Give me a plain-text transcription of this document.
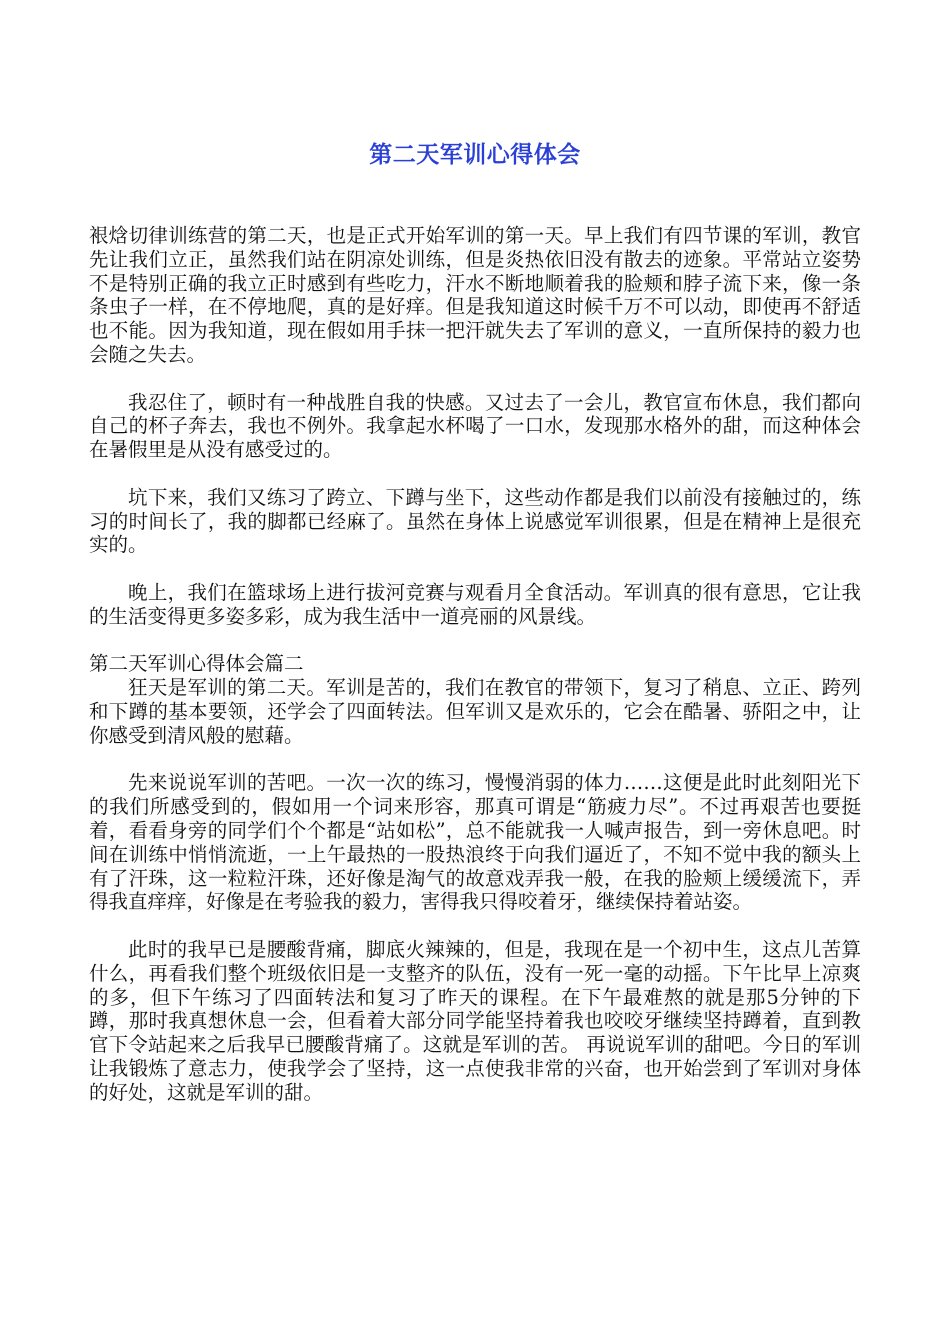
第二天军训心得体会

裉焓切律训练营的第二天，也是正式开始军训的第一天。早上我们有四节课的军训，教官先让我们立正，虽然我们站在阴凉处训练，但是炎热依旧没有散去的迹象。平常站立姿势不是特别正确的我立正时感到有些吃力，汗水不断地顺着我的脸颊和脖子流下来，像一条条虫子一样，在不停地爬，真的是好痒。但是我知道这时候千万不可以动，即使再不舒适也不能。因为我知道，现在假如用手抹一把汗就失去了军训的意义，一直所保持的毅力也会随之失去。

我忍住了，顿时有一种战胜自我的快感。又过去了一会儿，教官宣布休息，我们都向自己的杯子奔去，我也不例外。我拿起水杯喝了一口水，发现那水格外的甜，而这种体会在暑假里是从没有感受过的。

坑下来，我们又练习了跨立、下蹲与坐下，这些动作都是我们以前没有接触过的，练习的时间长了，我的脚都已经麻了。虽然在身体上说感觉军训很累，但是在精神上是很充实的。

晚上，我们在篮球场上进行拔河竞赛与观看月全食活动。军训真的很有意思，它让我的生活变得更多姿多彩，成为我生活中一道亮丽的风景线。

第二天军训心得体会篇二

狂天是军训的第二天。军训是苦的，我们在教官的带领下，复习了稍息、立正、跨列和下蹲的基本要领，还学会了四面转法。但军训又是欢乐的，它会在酷暑、骄阳之中，让你感受到清风般的慰藉。

先来说说军训的苦吧。一次一次的练习，慢慢消弱的体力……这便是此时此刻阳光下的我们所感受到的，假如用一个词来形容，那真可谓是“筋疲力尽”。不过再艰苦也要挺着，看看身旁的同学们个个都是“站如松”，总不能就我一人喊声报告，到一旁休息吧。时间在训练中悄悄流逝，一上午最热的一股热浪终于向我们逼近了，不知不觉中我的额头上有了汗珠，这一粒粒汗珠，还好像是淘气的故意戏弄我一般，在我的脸颊上缓缓流下，弄得我直痒痒，好像是在考验我的毅力，害得我只得咬着牙，继续保持着站姿。

此时的我早已是腰酸背痛，脚底火辣辣的，但是，我现在是一个初中生，这点儿苦算什么，再看我们整个班级依旧是一支整齐的队伍，没有一死一毫的动摇。下午比早上凉爽的多，但下午练习了四面转法和复习了昨天的课程。在下午最难熬的就是那5分钟的下蹲，那时我真想休息一会，但看着大部分同学能坚持着我也咬咬牙继续坚持蹲着，直到教官下令站起来之后我早已腰酸背痛了。这就是军训的苦。 再说说军训的甜吧。今日的军训让我锻炼了意志力，使我学会了坚持，这一点使我非常的兴奋，也开始尝到了军训对身体的好处，这就是军训的甜。
